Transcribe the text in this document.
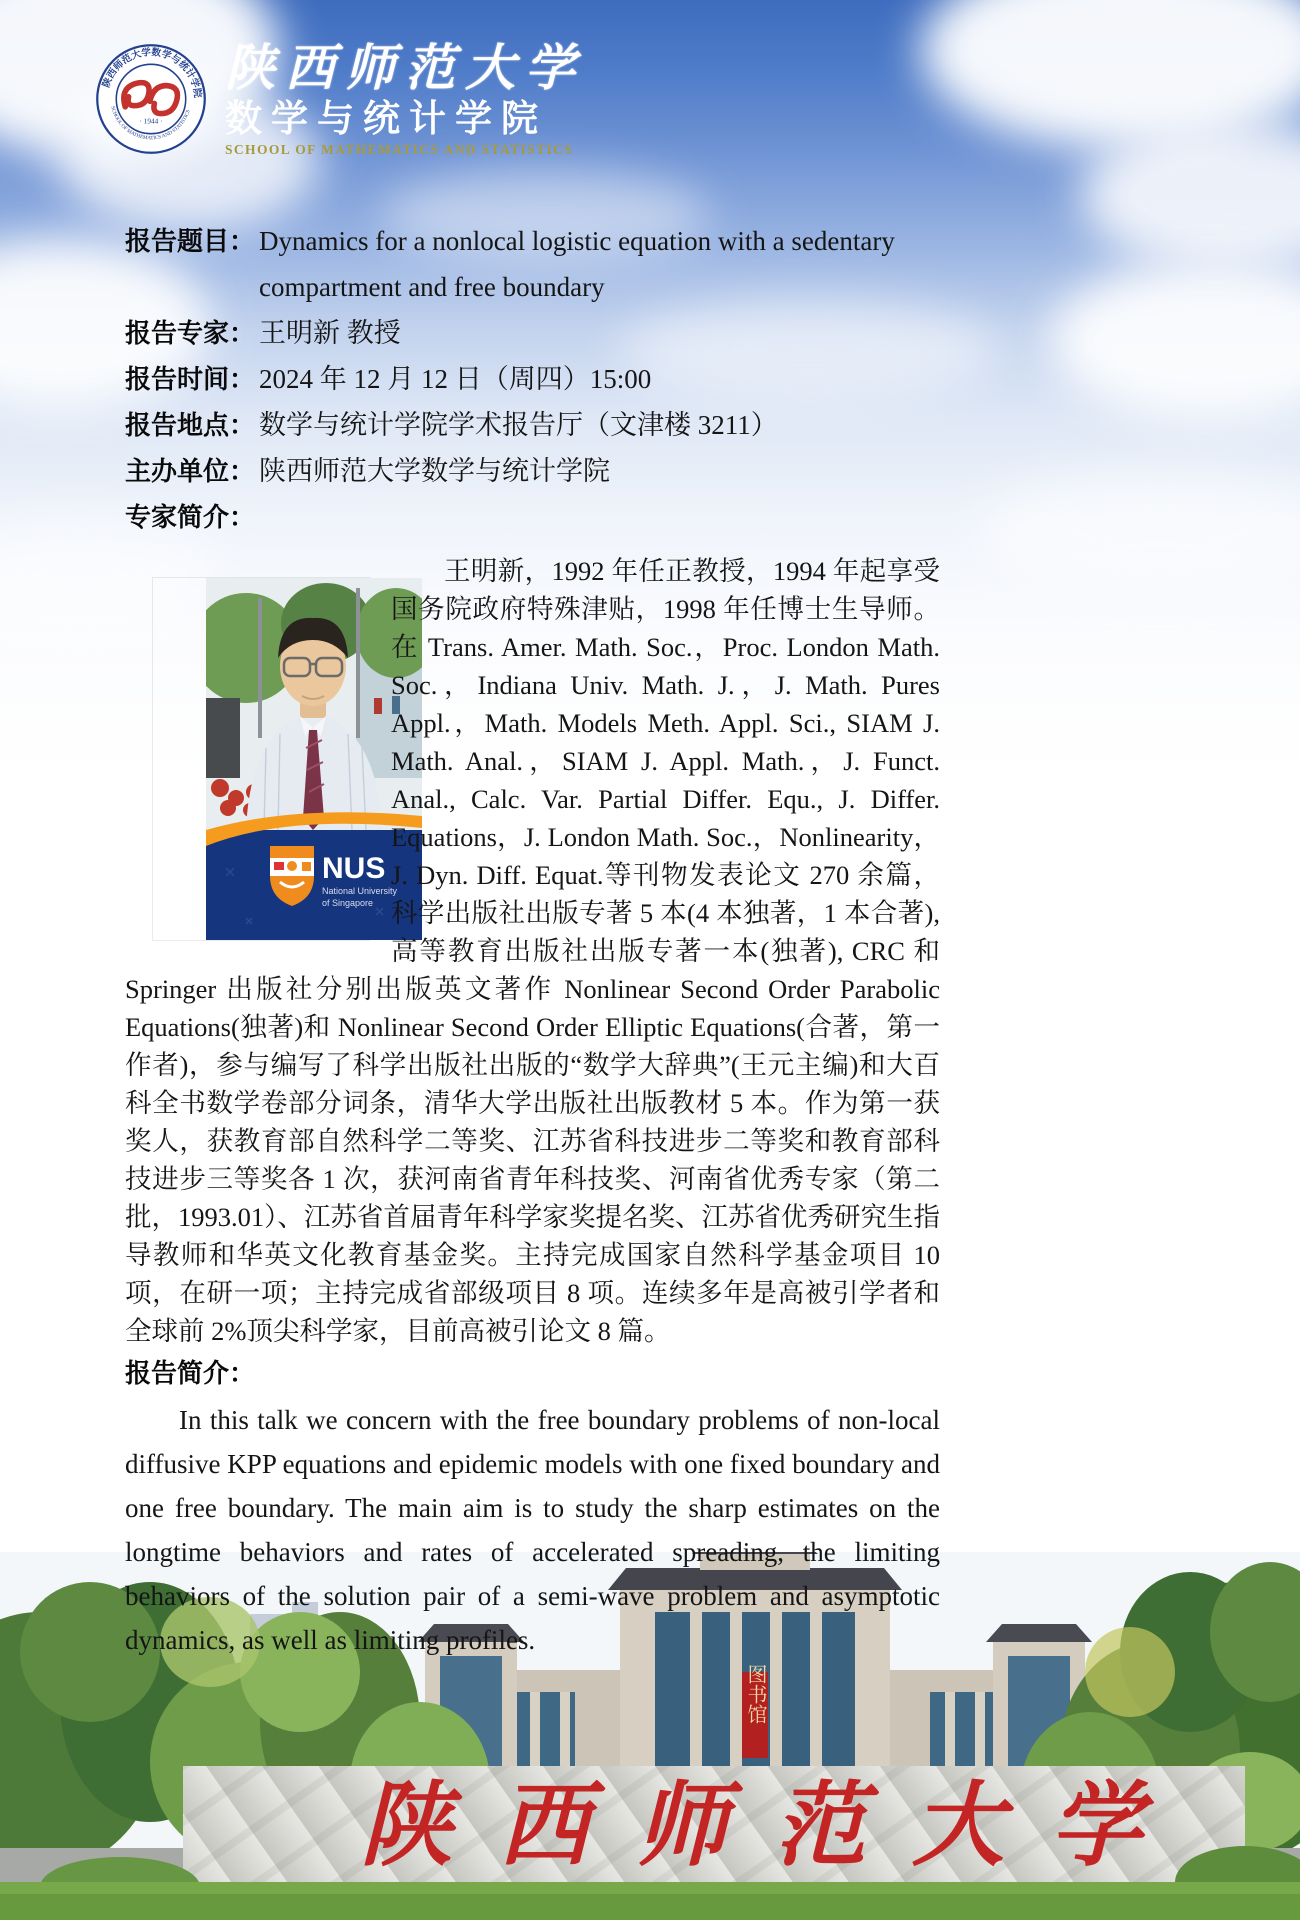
陕西师范大学数学与统计学院
SCHOOL OF MATHEMATICS AND STATISTICS
· 1944 ·
陕西师范大学
数学与统计学院
SCHOOL OF MATHEMATICS AND STATISTICS
图书馆
陕西师范大学
报告题目： Dynamics for a nonlocal logistic equation with a sedentary compartment and free boundary
报告专家： 王明新 教授
报告时间： 2024 年 12 月 12 日（周四）15:00
报告地点： 数学与统计学院学术报告厅（文津楼 3211）
主办单位： 陕西师范大学数学与统计学院
专家简介：
NUS
National University
of Singapore
王明新，1992 年任正教授，1994 年起享受国务院政府特殊津贴，1998 年任博士生导师。在 Trans. Amer. Math. Soc.，Proc. London Math. Soc.，Indiana Univ. Math. J.，J. Math. Pures Appl.，Math. Models Meth. Appl. Sci., SIAM J. Math. Anal.，SIAM J. Appl. Math.，J. Funct. Anal., Calc. Var. Partial Differ. Equ., J. Differ. Equations，J. London Math. Soc.，Nonlinearity，J. Dyn. Diff. Equat.等刊物发表论文 270 余篇，科学出版社出版专著 5 本(4 本独著，1 本合著), 高等教育出版社出版专著一本(独著), CRC 和 Springer 出版社分别出版英文著作 Nonlinear Second Order Parabolic Equations(独著)和 Nonlinear Second Order Elliptic Equations(合著，第一作者)，参与编写了科学出版社出版的“数学大辞典”(王元主编)和大百科全书数学卷部分词条，清华大学出版社出版教材 5 本。作为第一获奖人，获教育部自然科学二等奖、江苏省科技进步二等奖和教育部科技进步三等奖各 1 次，获河南省青年科技奖、河南省优秀专家（第二批，1993.01）、江苏省首届青年科学家奖提名奖、江苏省优秀研究生指导教师和华英文化教育基金奖。主持完成国家自然科学基金项目 10 项，在研一项；主持完成省部级项目 8 项。连续多年是高被引学者和全球前 2%顶尖科学家，目前高被引论文 8 篇。
报告简介：
In this talk we concern with the free boundary problems of non-local diffusive KPP equations and epidemic models with one fixed boundary and one free boundary. The main aim is to study the sharp estimates on the longtime behaviors and rates of accelerated spreading, the limiting behaviors of the solution pair of a semi-wave problem and asymptotic dynamics, as well as limiting profiles.
